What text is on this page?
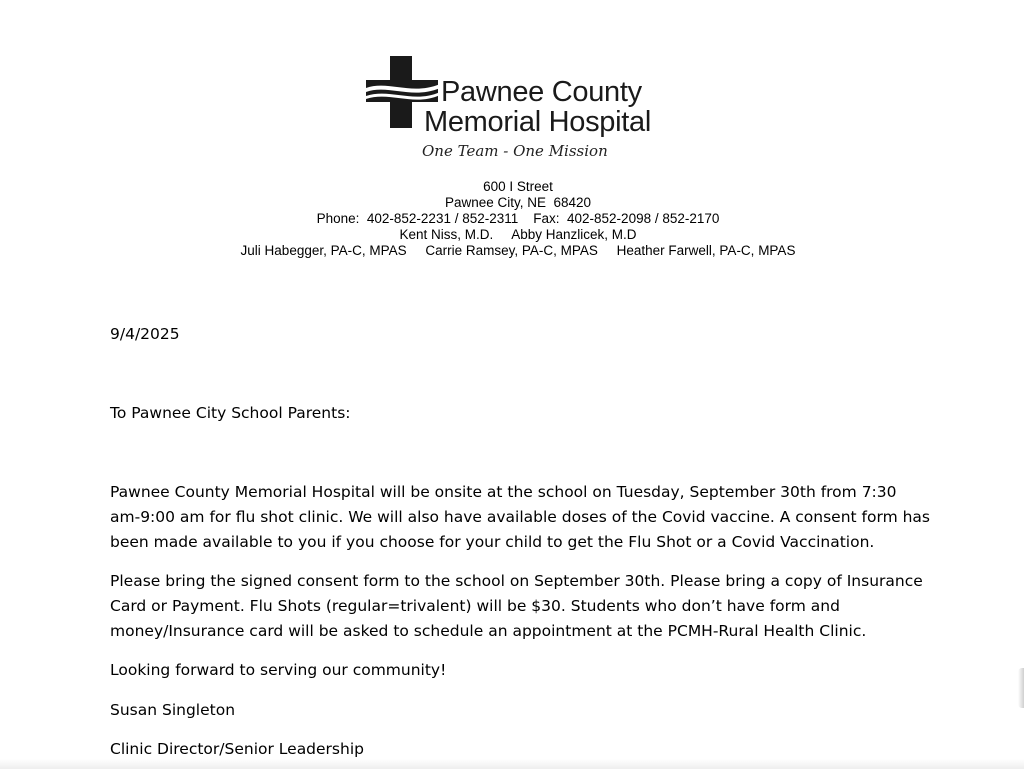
Pawnee County
Memorial Hospital
One Team - One Mission
600 I Street
Pawnee City, NE  68420
Phone:  402-852-2231 / 852-2311    Fax:  402-852-2098 / 852-2170
Kent Niss, M.D.     Abby Hanzlicek, M.D
Juli Habegger, PA-C, MPAS     Carrie Ramsey, PA-C, MPAS     Heather Farwell, PA-C, MPAS
9/4/2025
To Pawnee City School Parents:
Pawnee County Memorial Hospital will be onsite at the school on Tuesday, September 30th from 7:30 am-9:00 am for flu shot clinic. We will also have available doses of the Covid vaccine. A consent form has been made available to you if you choose for your child to get the Flu Shot or a Covid Vaccination.
Please bring the signed consent form to the school on September 30th. Please bring a copy of Insurance Card or Payment. Flu Shots (regular=trivalent) will be $30. Students who don’t have form and money/Insurance card will be asked to schedule an appointment at the PCMH-Rural Health Clinic.
Looking forward to serving our community!
Susan Singleton
Clinic Director/Senior Leadership
